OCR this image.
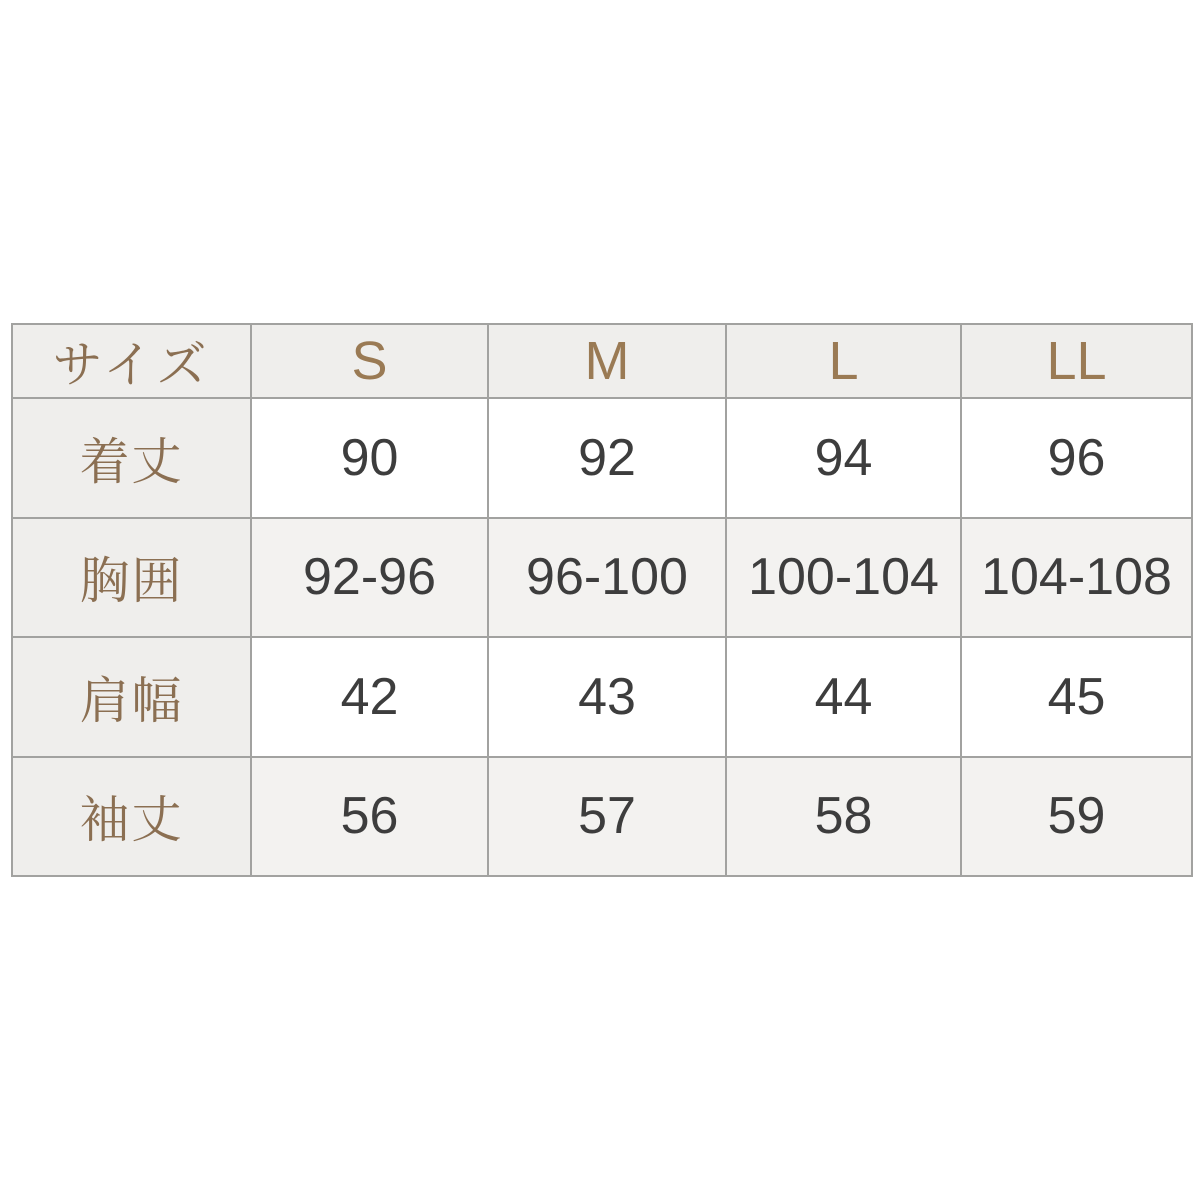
サイズ	S	M	L	LL
着丈	90	92	94	96
胸囲	92-96	96-100	100-104	104-108
肩幅	42	43	44	45
袖丈	56	57	58	59
